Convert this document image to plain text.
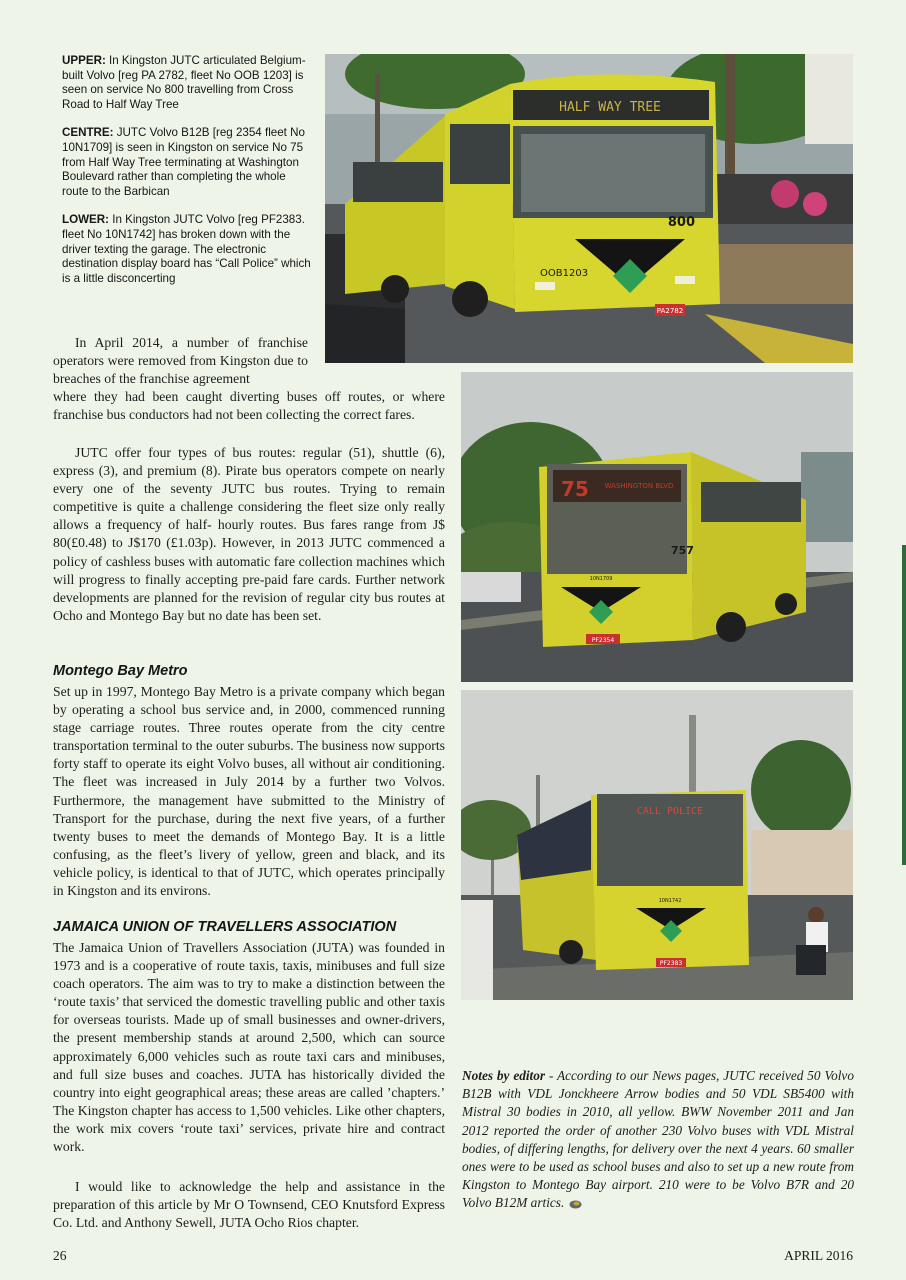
UPPER: In Kingston JUTC articulated Belgium-built Volvo [reg PA 2782, fleet No OOB 1203] is seen on service No 800 travelling from Cross Road to Half Way Tree

CENTRE: JUTC Volvo B12B [reg 2354 fleet No 10N1709] is seen in Kingston on service No 75 from Half Way Tree terminating at Washington Boulevard rather than completing the whole route to the Barbican

LOWER: In Kingston JUTC Volvo [reg PF2383. fleet No 10N1742] has broken down with the driver texting the garage. The electronic destination display board has “Call Police” which is a little disconcerting

HALF WAY TREE
800
OOB1203
PA2782
75 WASHINGTON BLVD
757
10N1709
PF2354
CALL POLICE
10N1742
PF2383

In April 2014, a number of franchise operators were removed from Kingston due to breaches of the franchise agreement

where they had been caught diverting buses off routes, or where franchise bus conductors had not been collecting the correct fares.

JUTC offer four types of bus routes: regular (51), shuttle (6), express (3), and premium (8). Pirate bus operators compete on nearly every one of the seventy JUTC bus routes. Trying to remain competitive is quite a challenge considering the fleet size only really allows a frequency of half- hourly routes. Bus fares range from J$ 80(£0.48) to J$170 (£1.03p). However, in 2013 JUTC commenced a policy of cashless buses with automatic fare collection machines which will progress to finally accepting pre-paid fare cards. Further network developments are planned for the revision of regular city bus routes at Ocho and Montego Bay but no date has been set.

Montego Bay Metro

Set up in 1997, Montego Bay Metro is a private company which began by operating a school bus service and, in 2000, commenced running stage carriage routes. Three routes operate from the city centre transportation terminal to the outer suburbs. The business now supports forty staff to operate its eight Volvo buses, all without air conditioning. The fleet was increased in July 2014 by a further two Volvos. Furthermore, the management have submitted to the Ministry of Transport for the purchase, during the next five years, of a further twenty buses to meet the demands of Montego Bay. It is a little confusing, as the fleet’s livery of yellow, green and black, and its vehicle policy, is identical to that of JUTC, which operates principally in Kingston and its environs.

JAMAICA UNION OF TRAVELLERS ASSOCIATION

The Jamaica Union of Travellers Association (JUTA) was founded in 1973 and is a cooperative of route taxis, taxis, minibuses and full size coach operators. The aim was to try to make a distinction between the ‘route taxis’ that serviced the domestic travelling public and other taxis for overseas tourists. Made up of small businesses and owner-drivers, the present membership stands at around 2,500, which can source approximately 6,000 vehicles such as route taxi cars and minibuses, and full size buses and coaches. JUTA has historically divided the country into eight geographical areas; these areas are called ’chapters.’ The Kingston chapter has access to 1,500 vehicles. Like other chapters, the work mix covers ‘route taxi’ services, private hire and contract work.

I would like to acknowledge the help and assistance in the preparation of this article by Mr O Townsend, CEO Knutsford Express Co. Ltd. and Anthony Sewell, JUTA Ocho Rios chapter.

Notes by editor - According to our News pages, JUTC received 50 Volvo B12B with VDL Jonckheere Arrow bodies and 50 VDL SB5400 with Mistral 30 bodies in 2010, all yellow. BWW November 2011 and Jan 2012 reported the order of another 230 Volvo buses with VDL Mistral bodies, of differing lengths, for delivery over the next 4 years. 60 smaller ones were to be used as school buses and also to set up a new route from Kingston to Montego Bay airport. 210 were to be Volvo B7R and 20 Volvo B12M artics.

26	APRIL 2016
